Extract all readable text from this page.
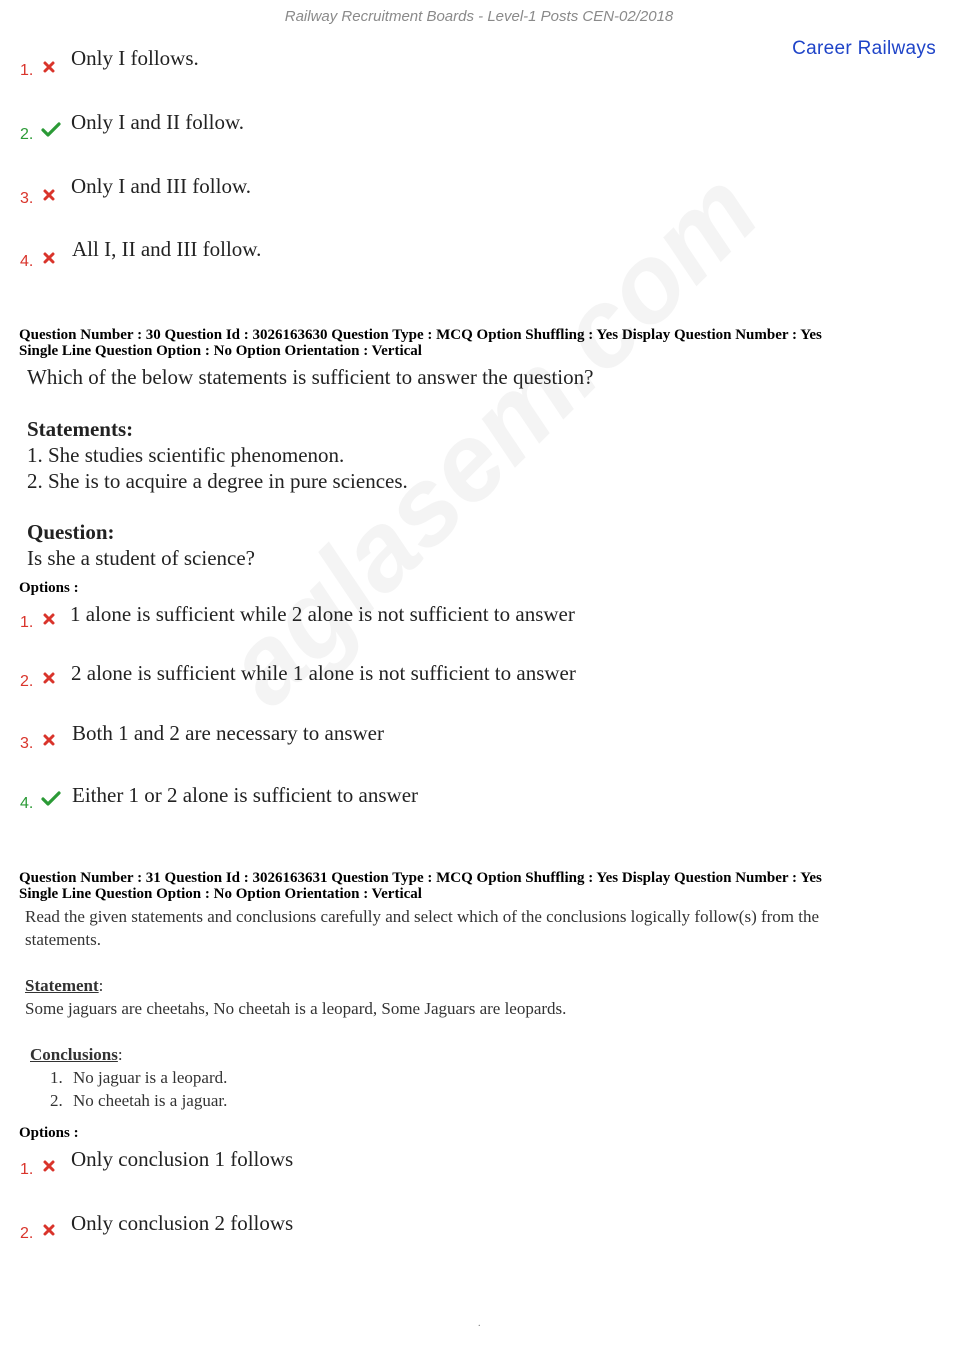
Railway Recruitment Boards - Level-1 Posts CEN-02/2018
Career Railways
1.
Only I follows.
2.
Only I and II follow.
3.
Only I and III follow.
4.
All I, II and III follow.
Question Number : 30 Question Id : 3026163630 Question Type : MCQ Option Shuffling : Yes Display Question Number : Yes
Single Line Question Option : No Option Orientation : Vertical
Which of the below statements is sufficient to answer the question?
Statements:
1. She studies scientific phenomenon.
2. She is to acquire a degree in pure sciences.
Question:
Is she a student of science?
Options :
1. 1 alone is sufficient while 2 alone is not sufficient to answer
2. 2 alone is sufficient while 1 alone is not sufficient to answer
3. Both 1 and 2 are necessary to answer
4. Either 1 or 2 alone is sufficient to answer
Question Number : 31 Question Id : 3026163631 Question Type : MCQ Option Shuffling : Yes Display Question Number : Yes
Single Line Question Option : No Option Orientation : Vertical
Read the given statements and conclusions carefully and select which of the conclusions logically follow(s) from the
statements.
Statement:
Some jaguars are cheetahs, No cheetah is a leopard, Some Jaguars are leopards.
Conclusions:
1. No jaguar is a leopard.
2. No cheetah is a jaguar.
Options :
1. Only conclusion 1 follows
2. Only conclusion 2 follows
.
